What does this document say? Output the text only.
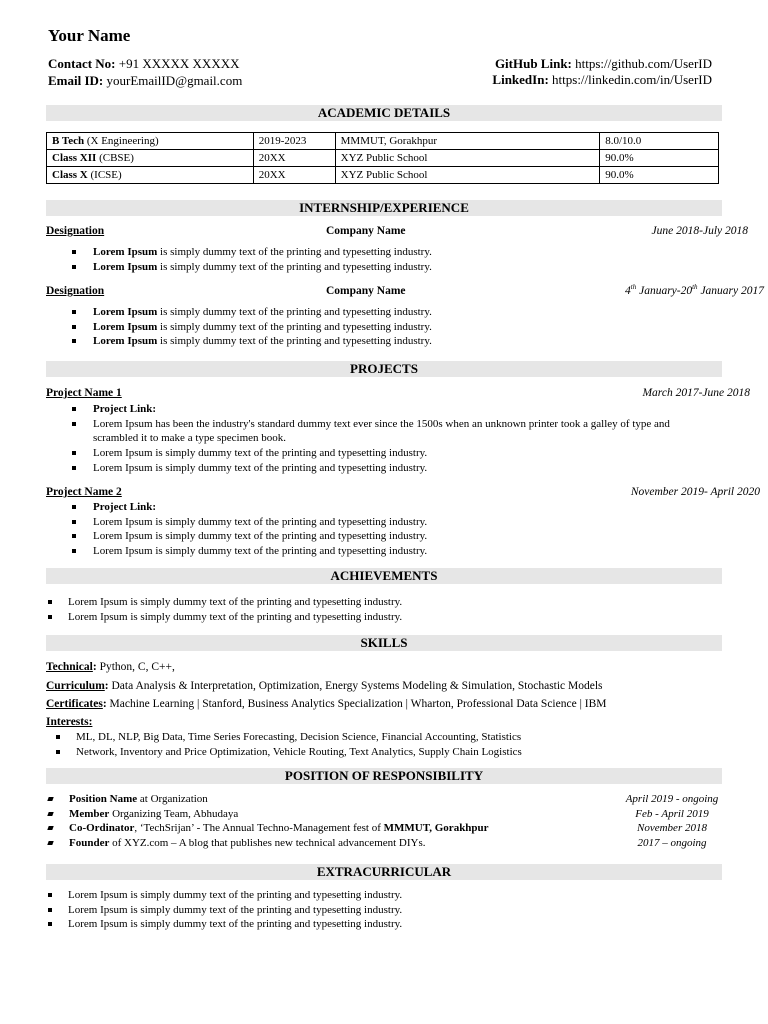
Your Name
Contact No: +91 XXXXX XXXXX
Email ID: yourEmailID@gmail.com
GitHub Link: https://github.com/UserID
LinkedIn: https://linkedin.com/in/UserID
ACADEMIC DETAILS
B Tech (X Engineering)	2019-2023	MMMUT, Gorakhpur	8.0/10.0
Class XII (CBSE)	20XX	XYZ Public School	90.0%
Class X (ICSE)	20XX	XYZ Public School	90.0%
INTERNSHIP/EXPERIENCE
Designation	Company Name	June 2018-July 2018
Lorem Ipsum is simply dummy text of the printing and typesetting industry.
Lorem Ipsum is simply dummy text of the printing and typesetting industry.
Designation	Company Name	4th January-20th January 2017
Lorem Ipsum is simply dummy text of the printing and typesetting industry.
Lorem Ipsum is simply dummy text of the printing and typesetting industry.
Lorem Ipsum is simply dummy text of the printing and typesetting industry.
PROJECTS
Project Name 1	March 2017-June 2018
Project Link:
Lorem Ipsum has been the industry's standard dummy text ever since the 1500s when an unknown printer took a galley of type and scrambled it to make a type specimen book.
Lorem Ipsum is simply dummy text of the printing and typesetting industry.
Lorem Ipsum is simply dummy text of the printing and typesetting industry.
Project Name 2	November 2019- April 2020
Project Link:
Lorem Ipsum is simply dummy text of the printing and typesetting industry.
Lorem Ipsum is simply dummy text of the printing and typesetting industry.
Lorem Ipsum is simply dummy text of the printing and typesetting industry.
ACHIEVEMENTS
Lorem Ipsum is simply dummy text of the printing and typesetting industry.
Lorem Ipsum is simply dummy text of the printing and typesetting industry.
SKILLS
Technical: Python, C, C++,
Curriculum: Data Analysis & Interpretation, Optimization, Energy Systems Modeling & Simulation, Stochastic Models
Certificates: Machine Learning | Stanford, Business Analytics Specialization | Wharton, Professional Data Science | IBM
Interests:
ML, DL, NLP, Big Data, Time Series Forecasting, Decision Science, Financial Accounting, Statistics
Network, Inventory and Price Optimization, Vehicle Routing, Text Analytics, Supply Chain Logistics
POSITION OF RESPONSIBILITY
Position Name at Organization	April 2019 - ongoing
Member Organizing Team, Abhudaya	Feb - April 2019
Co-Ordinator, ‘TechSrijan’ - The Annual Techno-Management fest of MMMUT, Gorakhpur	November 2018
Founder of XYZ.com – A blog that publishes new technical advancement DIYs.	2017 – ongoing
EXTRACURRICULAR
Lorem Ipsum is simply dummy text of the printing and typesetting industry.
Lorem Ipsum is simply dummy text of the printing and typesetting industry.
Lorem Ipsum is simply dummy text of the printing and typesetting industry.
